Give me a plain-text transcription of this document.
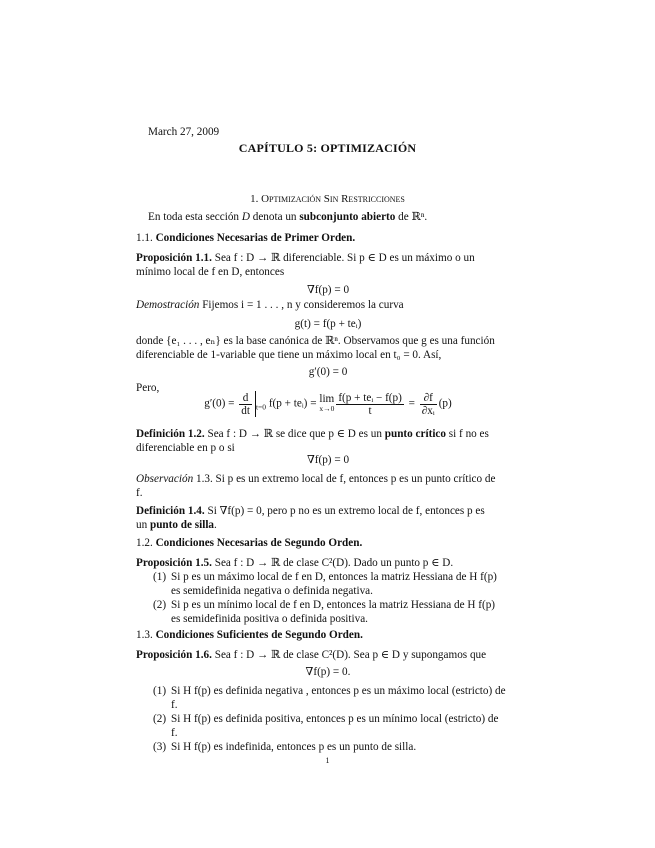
March 27, 2009
CAPÍTULO 5: OPTIMIZACIÓN
1. Optimización Sin Restricciones
En toda esta sección D denota un subconjunto abierto de ℝⁿ.
1.1. Condiciones Necesarias de Primer Orden.
Proposición 1.1. Sea f : D → ℝ diferenciable. Si p ∈ D es un máximo o un
mínimo local de f en D, entonces
∇f(p) = 0
Demostración Fijemos i = 1 . . . , n y consideremos la curva
g(t) = f(p + teᵢ)
donde {e₁ . . . , eₙ} es la base canónica de ℝⁿ. Observamos que g es una función
diferenciable de 1-variable que tiene un máximo local en t₀ = 0. Así,
g′(0) = 0
Pero,
$g'(0) = \frac{d}{dt} _{t=0}$ f(p + teᵢ) = lim
$x\to 0 \frac{\text{f(p + teᵢ − f(p)}}{t} = \frac{\partial f}{\text{∂xᵢ}} (p)$
Definición 1.2. Sea f : D → ℝ se dice que p ∈ D es un punto crítico si f no es
diferenciable en p o si
∇f(p) = 0
Observación 1.3. Si p es un extremo local de f, entonces p es un punto crítico de
f.
Definición 1.4. Si ∇f(p) = 0, pero p no es un extremo local de f, entonces p es
un punto de silla.
1.2. Condiciones Necesarias de Segundo Orden.
Proposición 1.5. Sea f : D → ℝ de clase C²(D). Dado un punto p ∈ D.
(1) Si p es un máximo local de f en D, entonces la matriz Hessiana de H f(p)
es semidefinida negativa o definida negativa.
(2) Si p es un mínimo local de f en D, entonces la matriz Hessiana de H f(p)
es semidefinida positiva o definida positiva.
1.3. Condiciones Suficientes de Segundo Orden.
Proposición 1.6. Sea f : D → ℝ de clase C²(D). Sea p ∈ D y supongamos que
∇f(p) = 0.
(1) Si H f(p) es definida negativa , entonces p es un máximo local (estricto) de
f.
(2) Si H f(p) es definida positiva, entonces p es un mínimo local (estricto) de
f.
(3) Si H f(p) es indefinida, entonces p es un punto de silla.
1
